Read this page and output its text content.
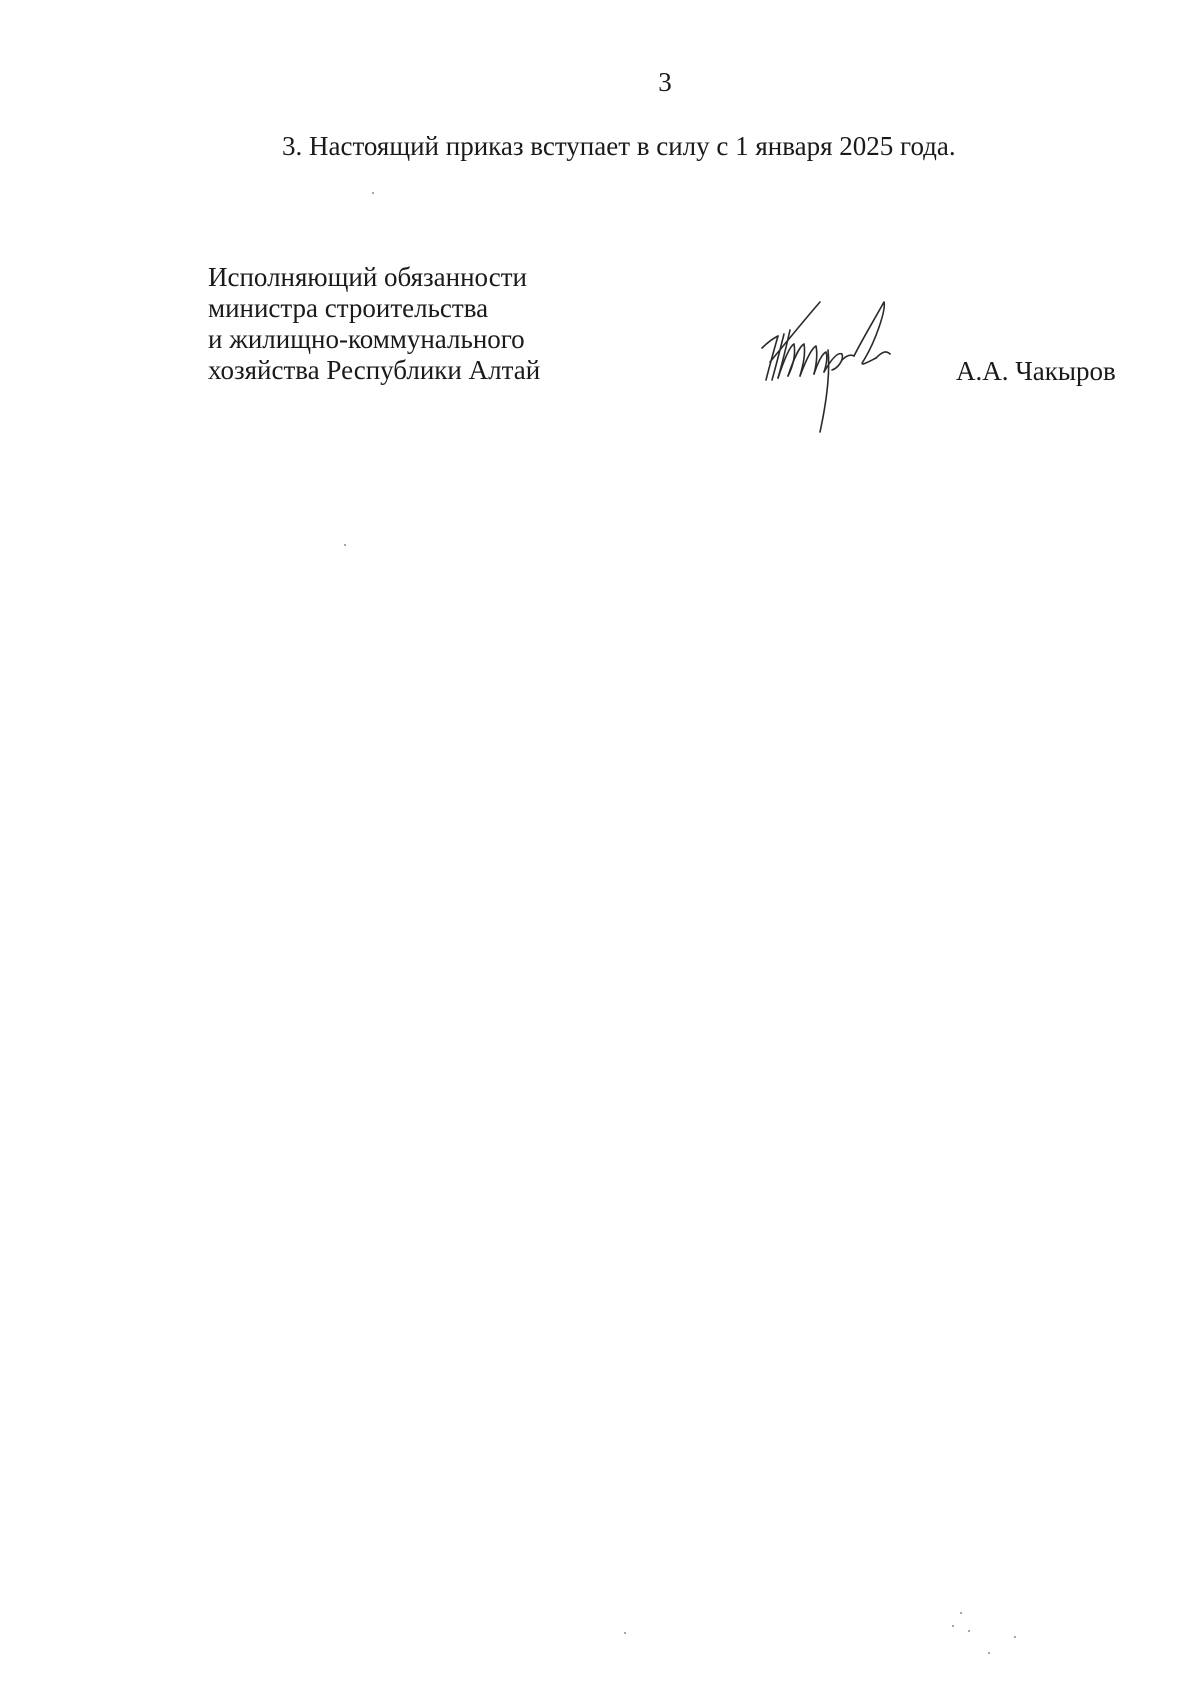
3
3. Настоящий приказ вступает в силу с 1 января 2025 года.
Исполняющий обязанности
министра строительства
и жилищно-коммунального
хозяйства Республики Алтай	А.А. Чакыров
